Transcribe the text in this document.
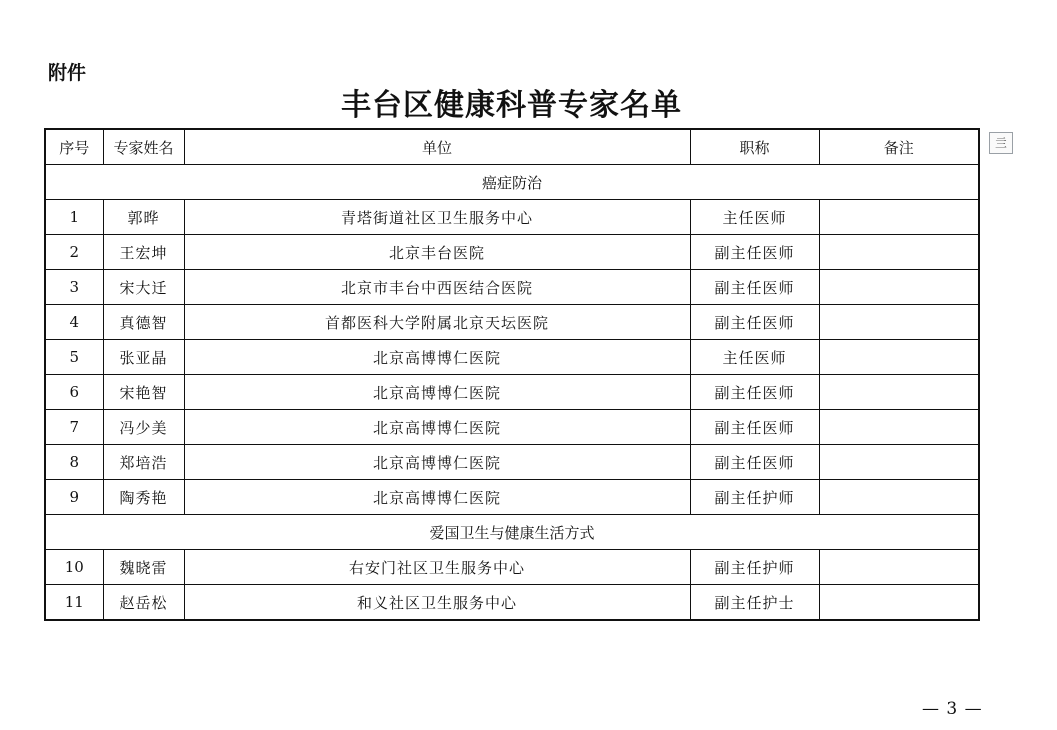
附件
丰台区健康科普专家名单
序号	专家姓名	单位	职称	备注
癌症防治				
1	郭晔	青塔街道社区卫生服务中心	主任医师	
2	王宏坤	北京丰台医院	副主任医师	
3	宋大迁	北京市丰台中西医结合医院	副主任医师	
4	真德智	首都医科大学附属北京天坛医院	副主任医师	
5	张亚晶	北京高博博仁医院	主任医师	
6	宋艳智	北京高博博仁医院	副主任医师	
7	冯少美	北京高博博仁医院	副主任医师	
8	郑培浩	北京高博博仁医院	副主任医师	
9	陶秀艳	北京高博博仁医院	副主任护师	
爱国卫生与健康生活方式				
10	魏晓雷	右安门社区卫生服务中心	副主任护师	
11	赵岳松	和义社区卫生服务中心	副主任护士	
亖
— 3 —
